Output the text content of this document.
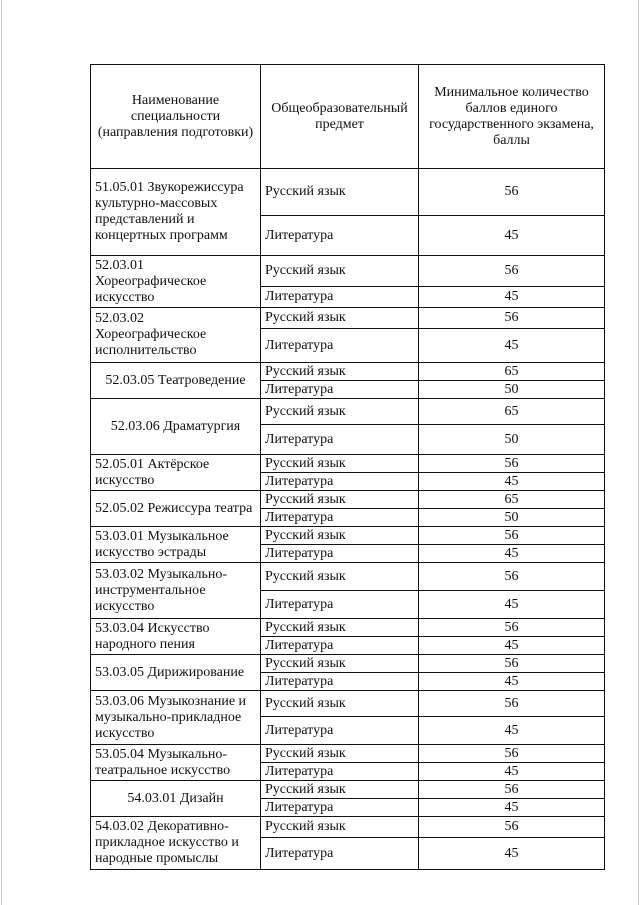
Наименование специальности (направления подготовки)	Общеобразовательный предмет	Минимальное количество баллов единого государственного экзамена, баллы
51.05.01 Звукорежиссура культурно-массовых представлений и концертных программ	Русский язык	56
	Литература	45
52.03.01 Хореографическое искусство	Русский язык	56
	Литература	45
52.03.02 Хореографическое исполнительство	Русский язык	56
	Литература	45
52.03.05 Театроведение	Русский язык	65
	Литература	50
52.03.06 Драматургия	Русский язык	65
	Литература	50
52.05.01 Актёрское искусство	Русский язык	56
	Литература	45
52.05.02 Режиссура театра	Русский язык	65
	Литература	50
53.03.01 Музыкальное искусство эстрады	Русский язык	56
	Литература	45
53.03.02 Музыкально-инструментальное искусство	Русский язык	56
	Литература	45
53.03.04 Искусство народного пения	Русский язык	56
	Литература	45
53.03.05 Дирижирование	Русский язык	56
	Литература	45
53.03.06 Музыкознание и музыкально-прикладное искусство	Русский язык	56
	Литература	45
53.05.04 Музыкально-театральное искусство	Русский язык	56
	Литература	45
54.03.01 Дизайн	Русский язык	56
	Литература	45
54.03.02 Декоративно-прикладное искусство и народные промыслы	Русский язык	56
	Литература	45
